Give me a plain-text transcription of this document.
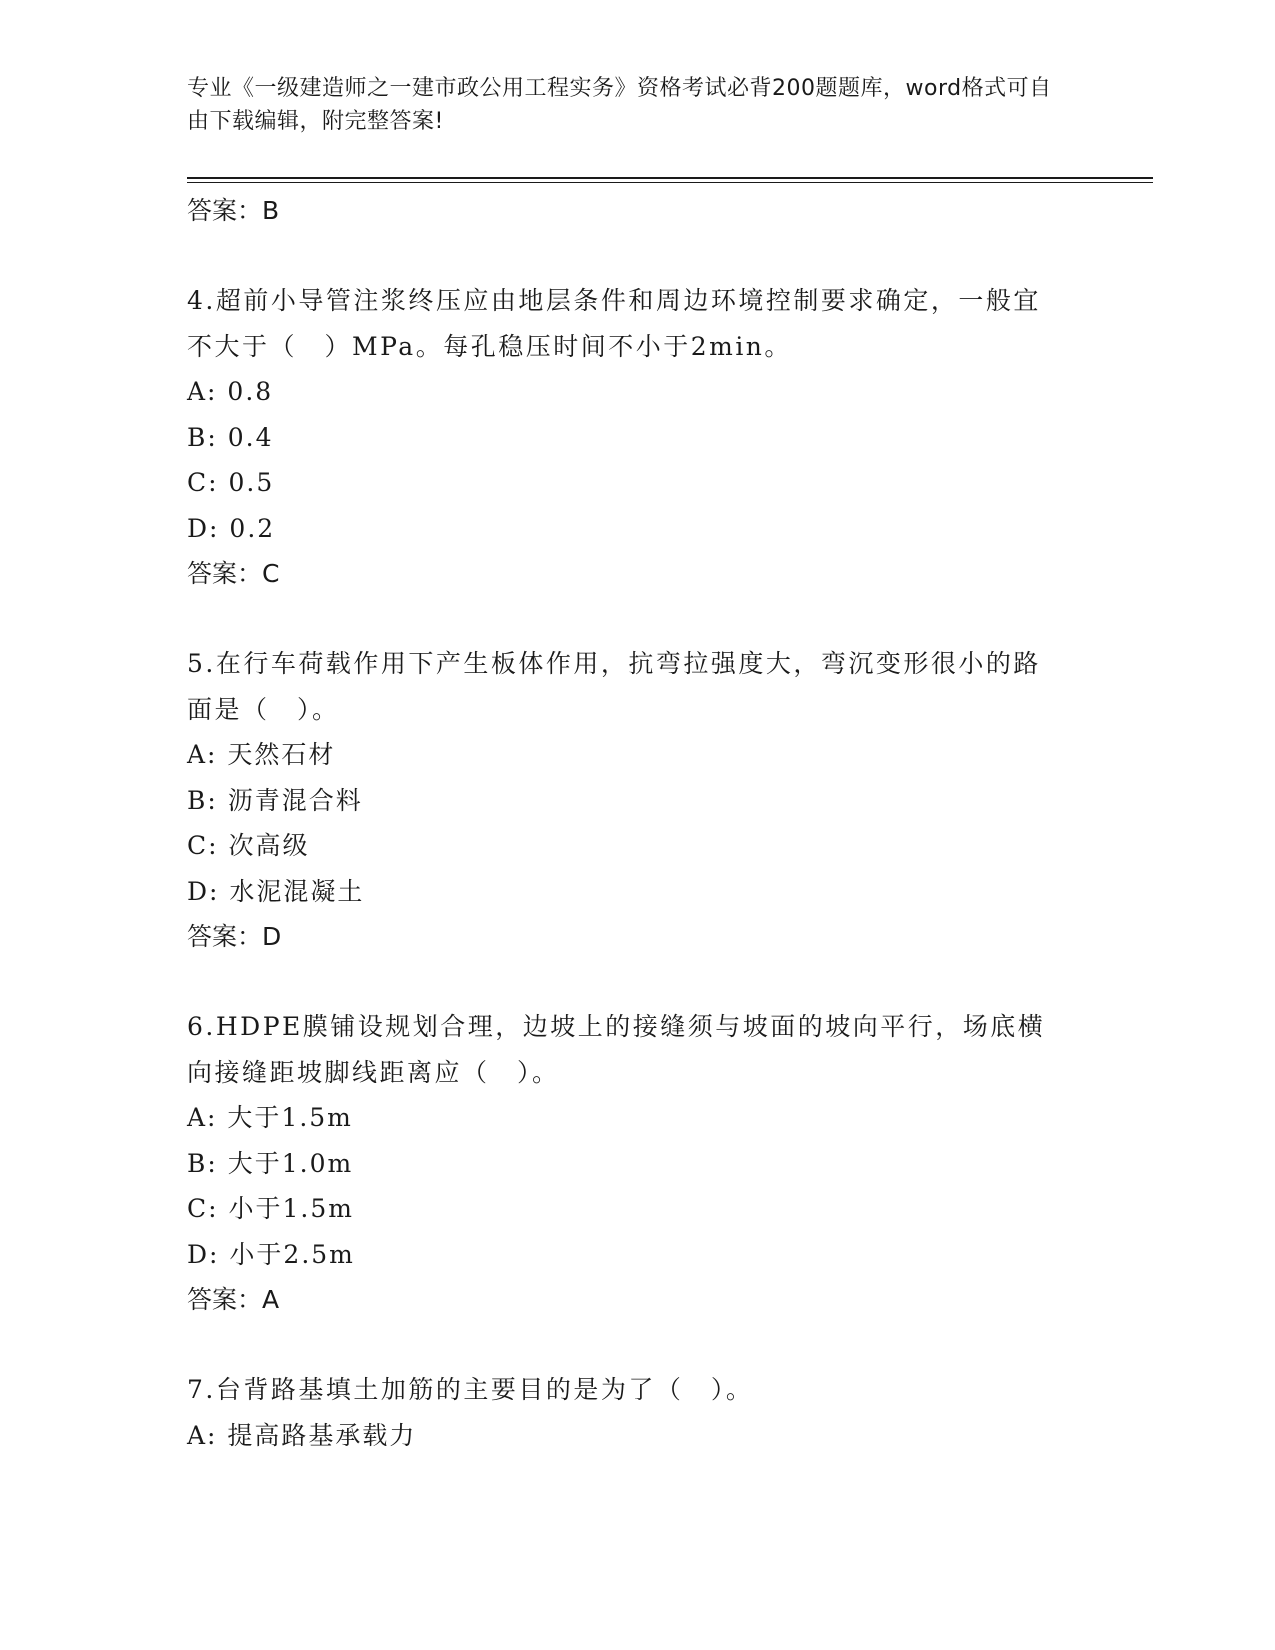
专业《一级建造师之一建市政公用工程实务》资格考试必背200题题库，word格式可自由下载编辑，附完整答案!
答案：B
4.超前小导管注浆终压应由地层条件和周边环境控制要求确定，一般宜不大于（　）MPa。每孔稳压时间不小于2min。
A: 0.8
B: 0.4
C: 0.5
D: 0.2
答案：C
5.在行车荷载作用下产生板体作用，抗弯拉强度大，弯沉变形很小的路面是（　）。
A: 天然石材
B: 沥青混合料
C: 次高级
D: 水泥混凝土
答案：D
6.HDPE膜铺设规划合理，边坡上的接缝须与坡面的坡向平行，场底横向接缝距坡脚线距离应（　）。
A: 大于1.5m
B: 大于1.0m
C: 小于1.5m
D: 小于2.5m
答案：A
7.台背路基填土加筋的主要目的是为了（　）。
A: 提高路基承载力
